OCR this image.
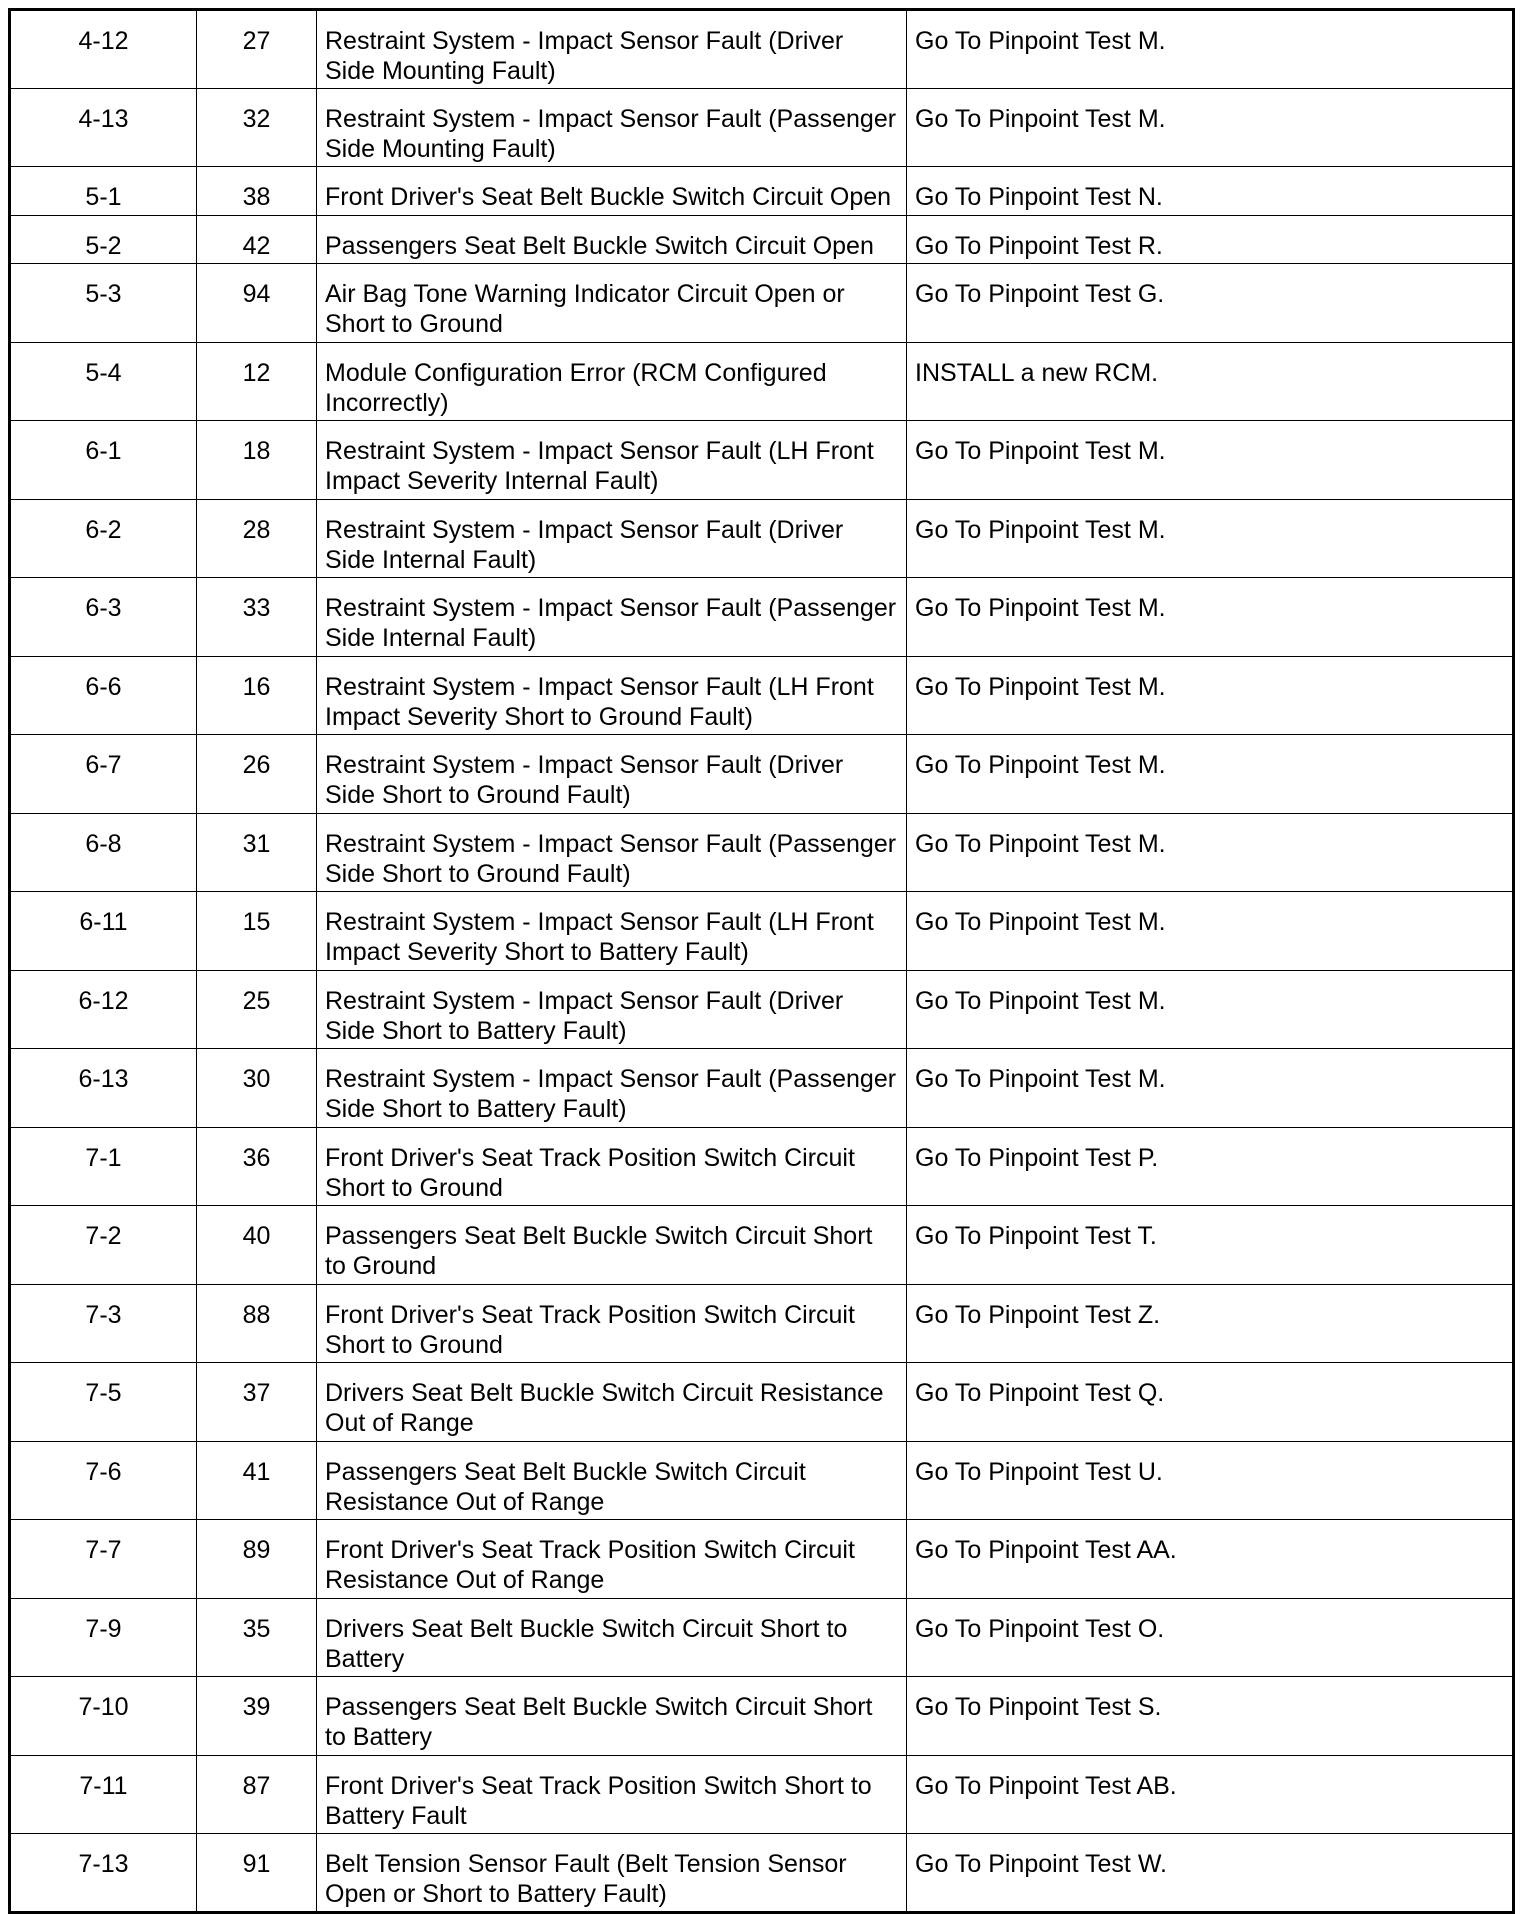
4-12	27	Restraint System - Impact Sensor Fault (Driver Side Mounting Fault)	Go To Pinpoint Test M.
4-13	32	Restraint System - Impact Sensor Fault (Passenger Side Mounting Fault)	Go To Pinpoint Test M.
5-1	38	Front Driver's Seat Belt Buckle Switch Circuit Open	Go To Pinpoint Test N.
5-2	42	Passengers Seat Belt Buckle Switch Circuit Open	Go To Pinpoint Test R.
5-3	94	Air Bag Tone Warning Indicator Circuit Open or Short to Ground	Go To Pinpoint Test G.
5-4	12	Module Configuration Error (RCM Configured Incorrectly)	INSTALL a new RCM.
6-1	18	Restraint System - Impact Sensor Fault (LH Front Impact Severity Internal Fault)	Go To Pinpoint Test M.
6-2	28	Restraint System - Impact Sensor Fault (Driver Side Internal Fault)	Go To Pinpoint Test M.
6-3	33	Restraint System - Impact Sensor Fault (Passenger Side Internal Fault)	Go To Pinpoint Test M.
6-6	16	Restraint System - Impact Sensor Fault (LH Front Impact Severity Short to Ground Fault)	Go To Pinpoint Test M.
6-7	26	Restraint System - Impact Sensor Fault (Driver Side Short to Ground Fault)	Go To Pinpoint Test M.
6-8	31	Restraint System - Impact Sensor Fault (Passenger Side Short to Ground Fault)	Go To Pinpoint Test M.
6-11	15	Restraint System - Impact Sensor Fault (LH Front Impact Severity Short to Battery Fault)	Go To Pinpoint Test M.
6-12	25	Restraint System - Impact Sensor Fault (Driver Side Short to Battery Fault)	Go To Pinpoint Test M.
6-13	30	Restraint System - Impact Sensor Fault (Passenger Side Short to Battery Fault)	Go To Pinpoint Test M.
7-1	36	Front Driver's Seat Track Position Switch Circuit Short to Ground	Go To Pinpoint Test P.
7-2	40	Passengers Seat Belt Buckle Switch Circuit Short to Ground	Go To Pinpoint Test T.
7-3	88	Front Driver's Seat Track Position Switch Circuit Short to Ground	Go To Pinpoint Test Z.
7-5	37	Drivers Seat Belt Buckle Switch Circuit Resistance Out of Range	Go To Pinpoint Test Q.
7-6	41	Passengers Seat Belt Buckle Switch Circuit Resistance Out of Range	Go To Pinpoint Test U.
7-7	89	Front Driver's Seat Track Position Switch Circuit Resistance Out of Range	Go To Pinpoint Test AA.
7-9	35	Drivers Seat Belt Buckle Switch Circuit Short to Battery	Go To Pinpoint Test O.
7-10	39	Passengers Seat Belt Buckle Switch Circuit Short to Battery	Go To Pinpoint Test S.
7-11	87	Front Driver's Seat Track Position Switch Short to Battery Fault	Go To Pinpoint Test AB.
7-13	91	Belt Tension Sensor Fault (Belt Tension Sensor Open or Short to Battery Fault)	Go To Pinpoint Test W.
